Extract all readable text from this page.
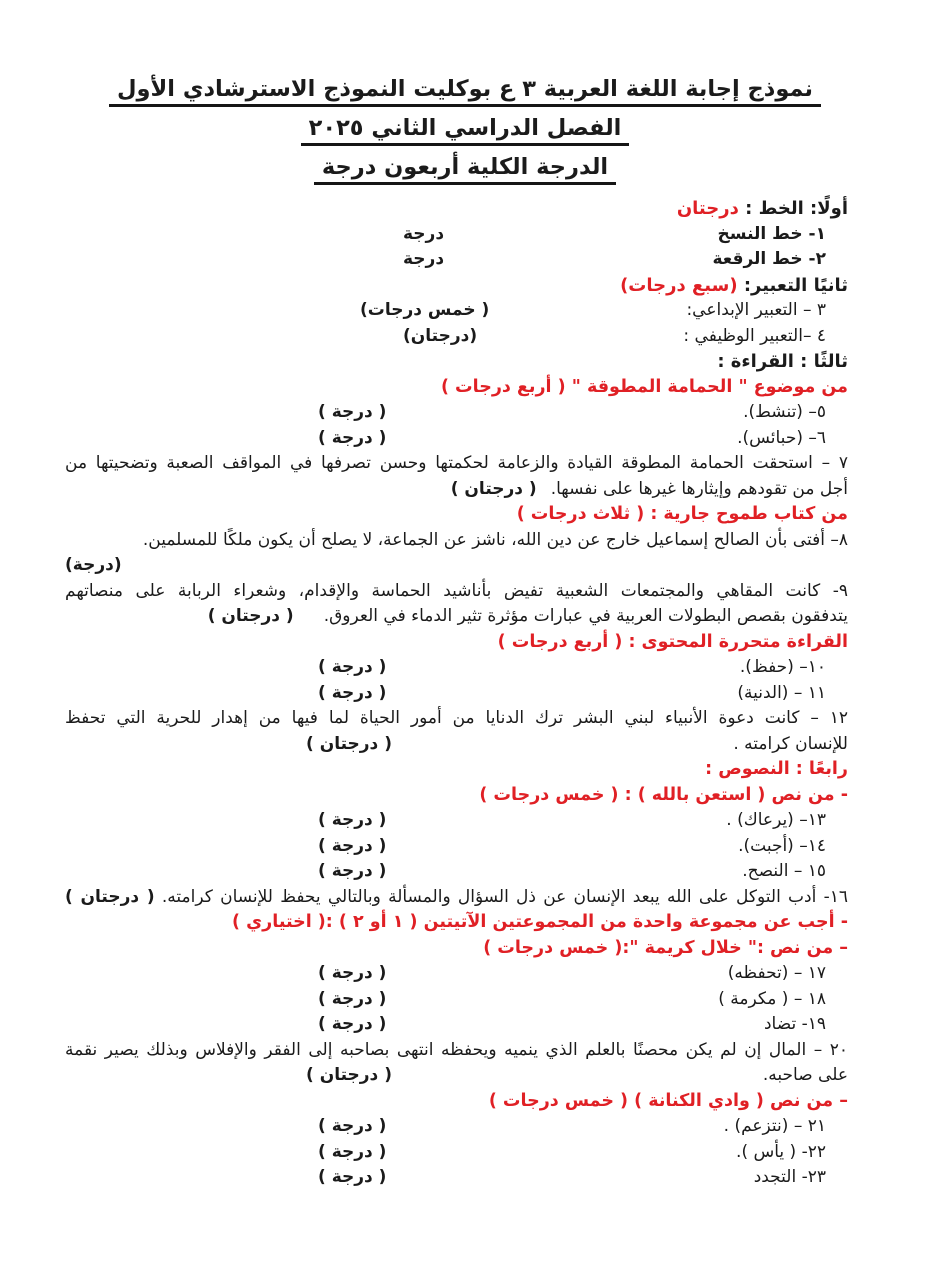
نموذج إجابة اللغة العربية ٣ ع بوكليت النموذج الاسترشادي الأول
الفصل الدراسي الثاني ٢٠٢٥
الدرجة الكلية أربعون درجة
أولًا: الخط : درجتان
١- خط النسخ
درجة
٢- خط الرقعة
درجة
ثانيًا التعبير: (سبع درجات)
٣ – التعبير الإبداعي:
( خمس درجات)
٤ –التعبير الوظيفي :
(درجتان)
ثالثًا : القراءة :
من موضوع " الحمامة المطوقة " ( أربع درجات )
٥– (تنشط).
( درجة )
٦– (حبائس).
( درجة )
٧ – استحقت الحمامة المطوقة القيادة والزعامة لحكمتها وحسن تصرفها في المواقف الصعبة وتضحيتها من
أجل من تقودهم وإيثارها غيرها على نفسها.( درجتان )
من كتاب طموح جارية : ( ثلاث درجات )
٨– أفتى بأن الصالح إسماعيل خارج عن دين الله، ناشز عن الجماعة، لا يصلح أن يكون ملكًا للمسلمين.
(درجة)
٩- كانت المقاهي والمجتمعات الشعبية تفيض بأناشيد الحماسة والإقدام، وشعراء الربابة على منصاتهم
يتدفقون بقصص البطولات العربية في عبارات مؤثرة تثير الدماء في العروق.( درجتان )
القراءة متحررة المحتوى : ( أربع درجات )
١٠– (حفظ).
( درجة )
١١ – (الدنية)
( درجة )
١٢ – كانت دعوة الأنبياء لبني البشر ترك الدنايا من أمور الحياة لما فيها من إهدار للحرية التي تحفظ
للإنسان كرامته .
( درجتان )
رابعًا : النصوص :
- من نص ( استعن بالله ) : ( خمس درجات )
١٣– (يرعاك) .
( درجة )
١٤– (أجبت).
( درجة )
١٥ – النصح.
( درجة )
١٦- أدب التوكل على الله يبعد الإنسان عن ذل السؤال والمسألة وبالتالي يحفظ للإنسان كرامته. ( درجتان )
- أجب عن مجموعة واحدة من المجموعتين الآتيتين ( ١ أو ٢ ) :( اختياري )
– من نص :" خلال كريمة ":( خمس درجات )
١٧ – (تحفظه)
( درجة )
١٨ – ( مكرمة )
( درجة )
١٩- تضاد
( درجة )
٢٠ – المال إن لم يكن محصنًا بالعلم الذي ينميه ويحفظه انتهى بصاحبه إلى الفقر والإفلاس وبذلك يصير نقمة
على صاحبه.
( درجتان )
– من نص ( وادي الكنانة ) ( خمس درجات )
٢١ – (نتزعم) .
( درجة )
٢٢- ( يأس ).
( درجة )
٢٣- التجدد
( درجة )
